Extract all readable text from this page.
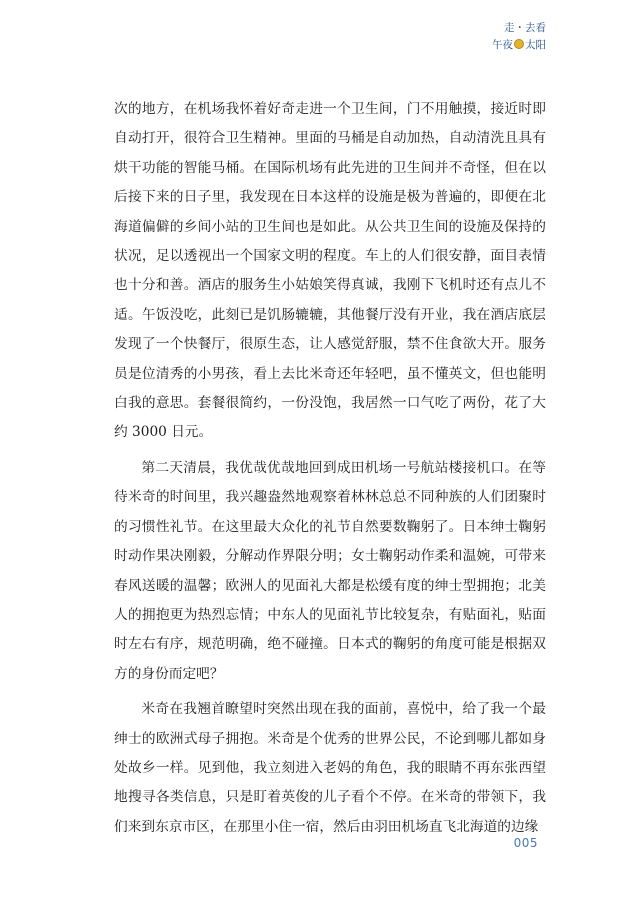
走・去看
午夜 太阳

次的地方，在机场我怀着好奇走进一个卫生间，门不用触摸，接近时即自动打开，很符合卫生精神。里面的马桶是自动加热，自动清洗且具有烘干功能的智能马桶。在国际机场有此先进的卫生间并不奇怪，但在以后接下来的日子里，我发现在日本这样的设施是极为普遍的，即便在北海道偏僻的乡间小站的卫生间也是如此。从公共卫生间的设施及保持的状况，足以透视出一个国家文明的程度。车上的人们很安静，面目表情也十分和善。酒店的服务生小姑娘笑得真诚，我刚下飞机时还有点儿不适。午饭没吃，此刻已是饥肠辘辘，其他餐厅没有开业，我在酒店底层发现了一个快餐厅，很原生态，让人感觉舒服，禁不住食欲大开。服务员是位清秀的小男孩，看上去比米奇还年轻吧，虽不懂英文，但也能明白我的意思。套餐很简约，一份没饱，我居然一口气吃了两份，花了大约 3000 日元。

第二天清晨，我优哉优哉地回到成田机场一号航站楼接机口。在等待米奇的时间里，我兴趣盎然地观察着林林总总不同种族的人们团聚时的习惯性礼节。在这里最大众化的礼节自然要数鞠躬了。日本绅士鞠躬时动作果决刚毅，分解动作界限分明；女士鞠躬动作柔和温婉，可带来春风送暖的温馨；欧洲人的见面礼大都是松缓有度的绅士型拥抱；北美人的拥抱更为热烈忘情；中东人的见面礼节比较复杂，有贴面礼，贴面时左右有序，规范明确，绝不碰撞。日本式的鞠躬的角度可能是根据双方的身份而定吧？

米奇在我翘首瞭望时突然出现在我的面前，喜悦中，给了我一个最绅士的欧洲式母子拥抱。米奇是个优秀的世界公民，不论到哪儿都如身处故乡一样。见到他，我立刻进入老妈的角色，我的眼睛不再东张西望地搜寻各类信息，只是盯着英俊的儿子看个不停。在米奇的带领下，我们来到东京市区，在那里小住一宿，然后由羽田机场直飞北海道的边缘

005
